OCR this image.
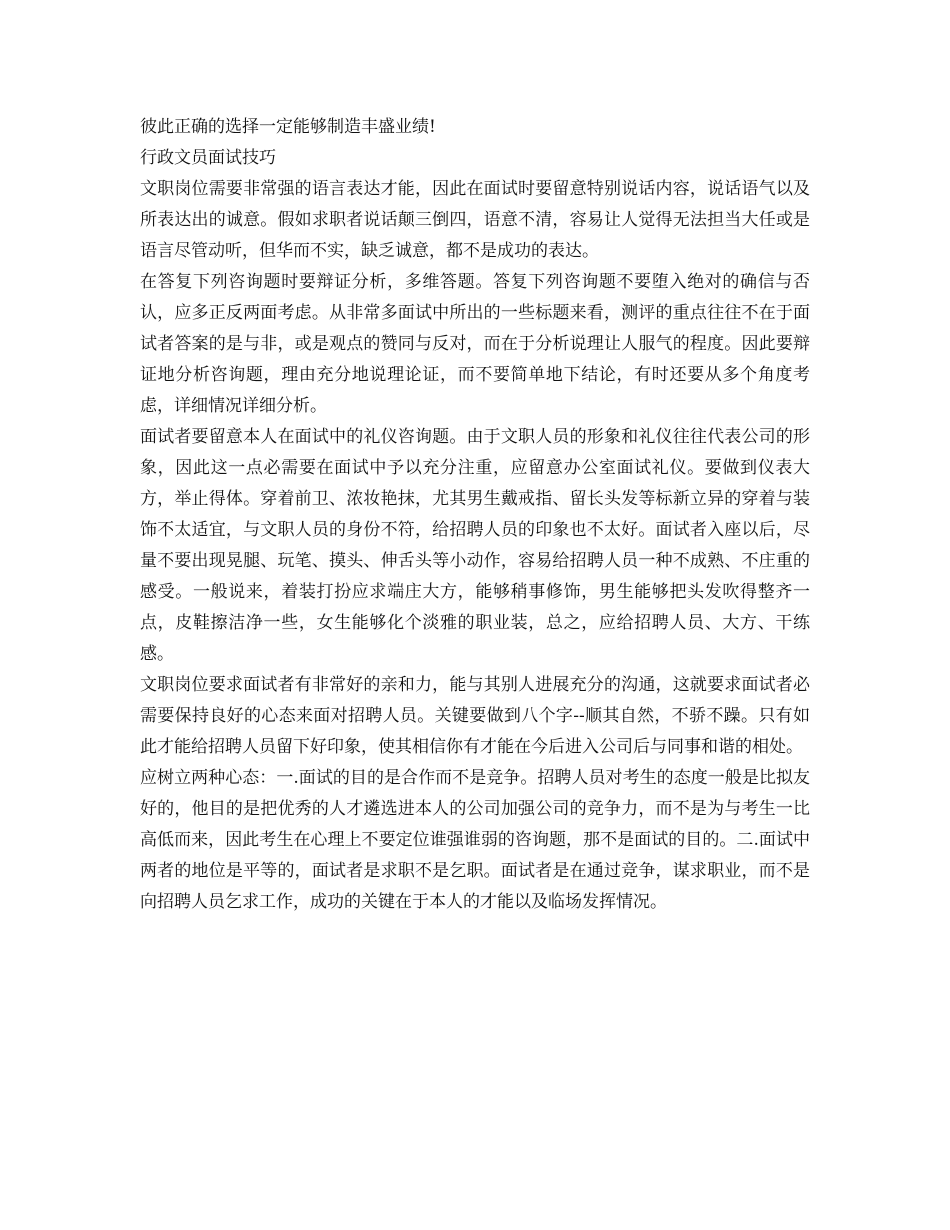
彼此正确的选择一定能够制造丰盛业绩!

行政文员面试技巧

文职岗位需要非常强的语言表达才能，因此在面试时要留意特别说话内容，说话语气以及所表达出的诚意。假如求职者说话颠三倒四，语意不清，容易让人觉得无法担当大任或是语言尽管动听，但华而不实，缺乏诚意，都不是成功的表达。

在答复下列咨询题时要辩证分析，多维答题。答复下列咨询题不要堕入绝对的确信与否认，应多正反两面考虑。从非常多面试中所出的一些标题来看，测评的重点往往不在于面试者答案的是与非，或是观点的赞同与反对，而在于分析说理让人服气的程度。因此要辩证地分析咨询题，理由充分地说理论证，而不要简单地下结论，有时还要从多个角度考虑，详细情况详细分析。

面试者要留意本人在面试中的礼仪咨询题。由于文职人员的形象和礼仪往往代表公司的形象，因此这一点必需要在面试中予以充分注重，应留意办公室面试礼仪。要做到仪表大方，举止得体。穿着前卫、浓妆艳抹，尤其男生戴戒指、留长头发等标新立异的穿着与装饰不太适宜，与文职人员的身份不符，给招聘人员的印象也不太好。面试者入座以后，尽量不要出现晃腿、玩笔、摸头、伸舌头等小动作，容易给招聘人员一种不成熟、不庄重的感受。一般说来，着装打扮应求端庄大方，能够稍事修饰，男生能够把头发吹得整齐一点，皮鞋擦洁净一些，女生能够化个淡雅的职业装，总之，应给招聘人员、大方、干练感。

文职岗位要求面试者有非常好的亲和力，能与其别人进展充分的沟通，这就要求面试者必需要保持良好的心态来面对招聘人员。关键要做到八个字--顺其自然，不骄不躁。只有如此才能给招聘人员留下好印象，使其相信你有才能在今后进入公司后与同事和谐的相处。

应树立两种心态：一.面试的目的是合作而不是竞争。招聘人员对考生的态度一般是比拟友好的，他目的是把优秀的人才遴选进本人的公司加强公司的竞争力，而不是为与考生一比高低而来，因此考生在心理上不要定位谁强谁弱的咨询题，那不是面试的目的。二.面试中两者的地位是平等的，面试者是求职不是乞职。面试者是在通过竞争，谋求职业，而不是向招聘人员乞求工作，成功的关键在于本人的才能以及临场发挥情况。
